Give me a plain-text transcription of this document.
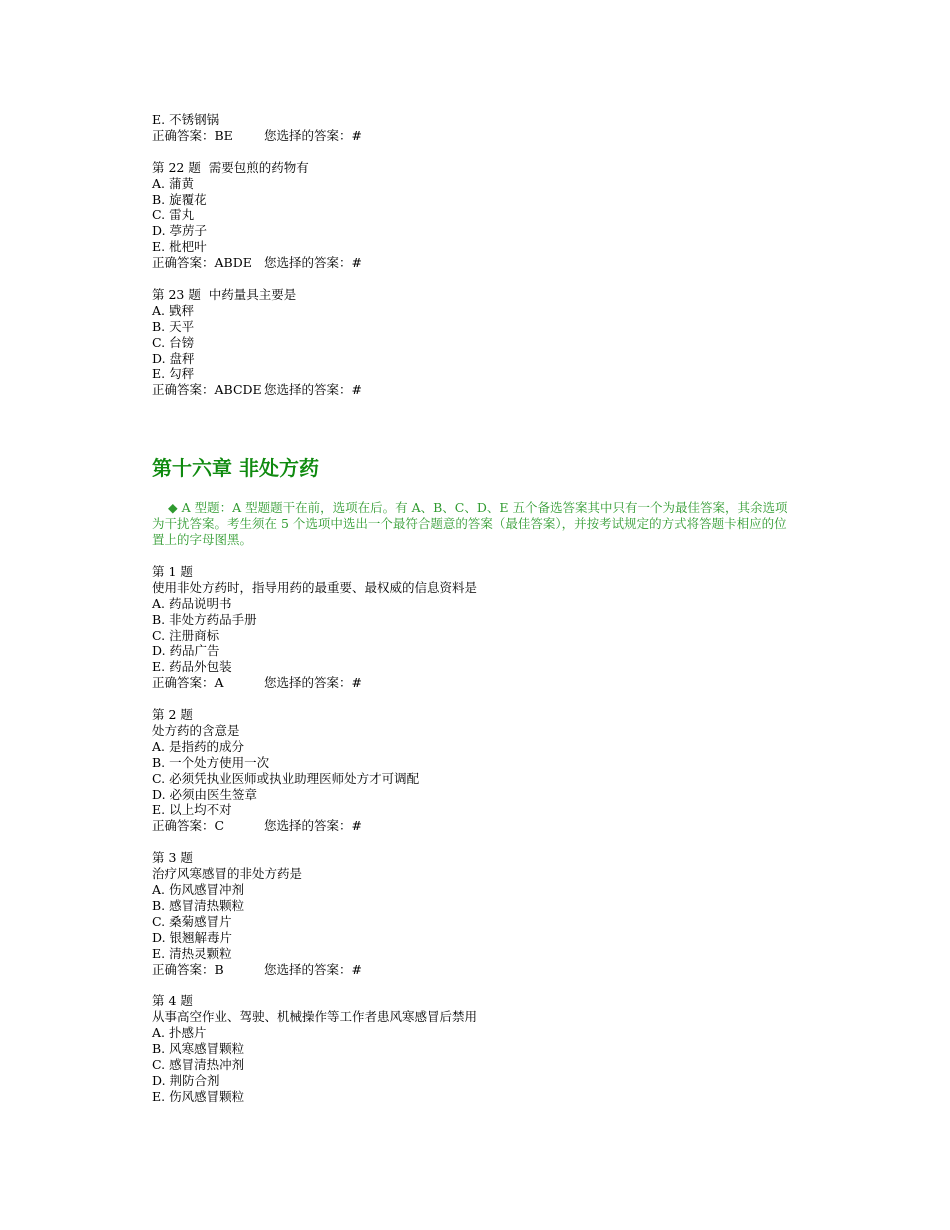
E. 不锈钢锅
正确答案：BE 您选择的答案：#
第 22 题  需要包煎的药物有
A. 蒲黄
B. 旋覆花
C. 雷丸
D. 葶苈子
E. 枇杷叶
正确答案：ABDE 您选择的答案：#
第 23 题  中药量具主要是
A. 戥秤
B. 天平
C. 台镑
D. 盘秤
E. 勾秤
正确答案：ABCDE 您选择的答案：#
第十六章 非处方药
◆ A 型题：A 型题题干在前，选项在后。有 A、B、C、D、E 五个备选答案其中只有一个为最佳答案，其余选项为干扰答案。考生须在 5 个选项中选出一个最符合题意的答案（最佳答案），并按考试规定的方式将答题卡相应的位置上的字母图黑。
第 1 题
使用非处方药时，指导用药的最重要、最权威的信息资料是
A. 药品说明书
B. 非处方药品手册
C. 注册商标
D. 药品广告
E. 药品外包装
正确答案：A	您选择的答案：#
第 2 题
处方药的含意是
A. 是指药的成分
B. 一个处方使用一次
C. 必须凭执业医师或执业助理医师处方才可调配
D. 必须由医生签章
E. 以上均不对
正确答案：C	您选择的答案：#
第 3 题
治疗风寒感冒的非处方药是
A. 伤风感冒冲剂
B. 感冒清热颗粒
C. 桑菊感冒片
D. 银翘解毒片
E. 清热灵颗粒
正确答案：B	您选择的答案：#
第 4 题
从事高空作业、驾驶、机械操作等工作者患风寒感冒后禁用
A. 扑感片
B. 风寒感冒颗粒
C. 感冒清热冲剂
D. 荆防合剂
E. 伤风感冒颗粒
